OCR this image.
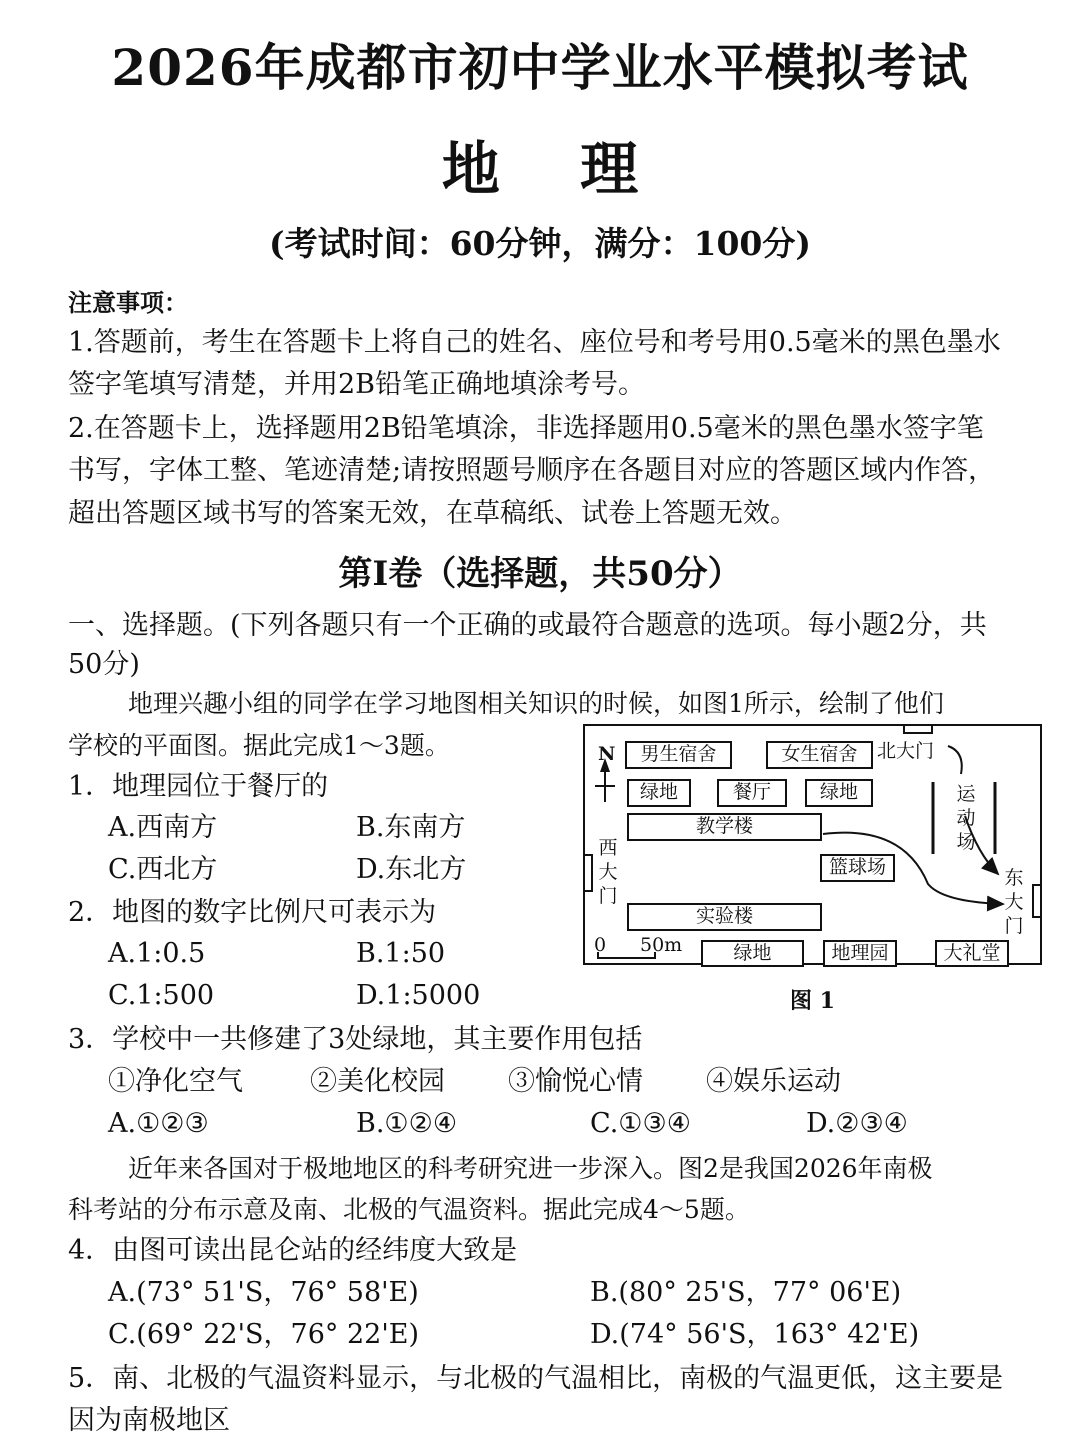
2026年成都市初中学业水平模拟考试
地 理
(考试时间：60分钟，满分：100分)
注意事项：
1.答题前，考生在答题卡上将自己的姓名、座位号和考号用0.5毫米的黑色墨水
签字笔填写清楚，并用2B铅笔正确地填涂考号。
2.在答题卡上，选择题用2B铅笔填涂，非选择题用0.5毫米的黑色墨水签字笔
书写，字体工整、笔迹清楚;请按照题号顺序在各题目对应的答题区域内作答，
超出答题区域书写的答案无效，在草稿纸、试卷上答题无效。
第Ⅰ卷（选择题，共50分）
一、选择题。(下列各题只有一个正确的或最符合题意的选项。每小题2分，共
50分)
地理兴趣小组的同学在学习地图相关知识的时候，如图1所示，绘制了他们
学校的平面图。据此完成1～3题。
1．地理园位于餐厅的
A.西南方	B.东南方
C.西北方	D.东北方
2．地图的数字比例尺可表示为
A.1:0.5	B.1:50
C.1:500	D.1:5000
N	男生宿舍	女生宿舍	北大门
绿地	餐厅	绿地	运
动
场
教学楼
西
大
门
篮球场	东
大
门
实验楼
0 50m	绿地	地理园	大礼堂
图 1
3．学校中一共修建了3处绿地，其主要作用包括
①净化空气 ②美化校园 ③愉悦心情 ④娱乐运动
A.①②③	B.①②④	C.①③④	D.②③④
近年来各国对于极地地区的科考研究进一步深入。图2是我国2026年南极
科考站的分布示意及南、北极的气温资料。据此完成4～5题。
4．由图可读出昆仑站的经纬度大致是
A.(73° 51'S，76° 58'E)	B.(80° 25'S，77° 06'E)
C.(69° 22'S，76° 22'E)	D.(74° 56'S，163° 42'E)
5．南、北极的气温资料显示，与北极的气温相比，南极的气温更低，这主要是
因为南极地区
